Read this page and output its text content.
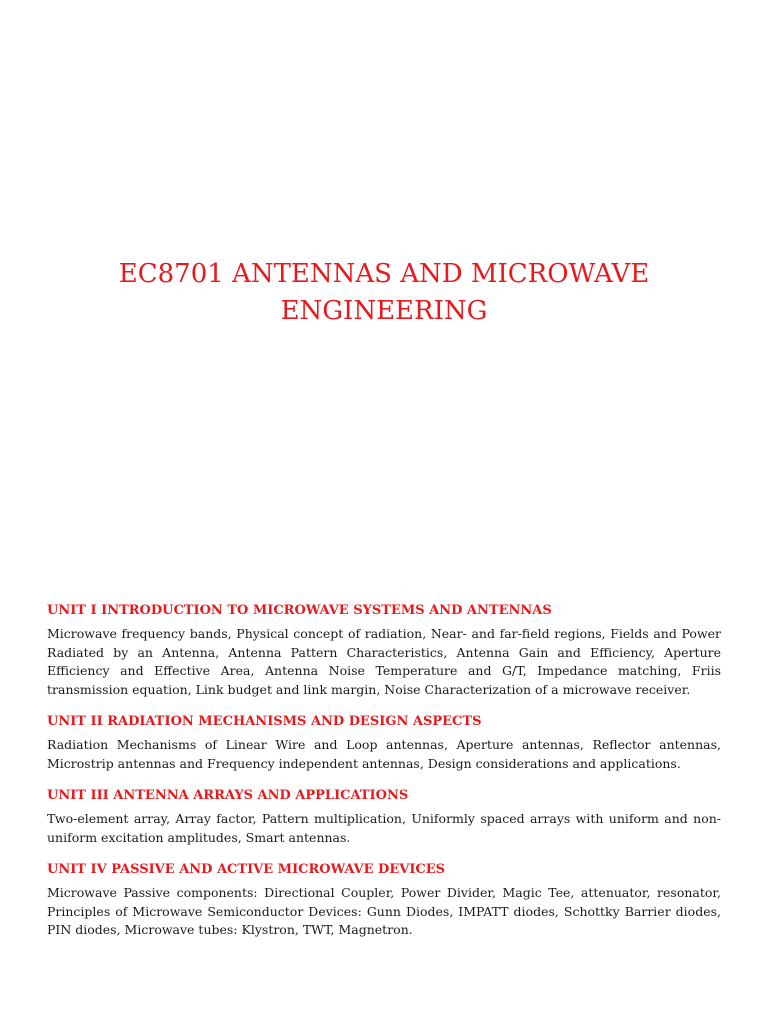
EC8701 ANTENNAS AND MICROWAVE
ENGINEERING
UNIT I INTRODUCTION TO MICROWAVE SYSTEMS AND ANTENNAS

Microwave frequency bands, Physical concept of radiation, Near- and far-field regions, Fields and Power Radiated by an Antenna, Antenna Pattern Characteristics, Antenna Gain and Efficiency, Aperture Efficiency and Effective Area, Antenna Noise Temperature and G/T, Impedance matching, Friis transmission equation, Link budget and link margin, Noise Characterization of a microwave receiver.

UNIT II RADIATION MECHANISMS AND DESIGN ASPECTS

Radiation Mechanisms of Linear Wire and Loop antennas, Aperture antennas, Reflector antennas, Microstrip antennas and Frequency independent antennas, Design considerations and applications.

UNIT III ANTENNA ARRAYS AND APPLICATIONS

Two-element array, Array factor, Pattern multiplication, Uniformly spaced arrays with uniform and non-uniform excitation amplitudes, Smart antennas.

UNIT IV PASSIVE AND ACTIVE MICROWAVE DEVICES

Microwave Passive components: Directional Coupler, Power Divider, Magic Tee, attenuator, resonator, Principles of Microwave Semiconductor Devices: Gunn Diodes, IMPATT diodes, Schottky Barrier diodes, PIN diodes, Microwave tubes: Klystron, TWT, Magnetron.
